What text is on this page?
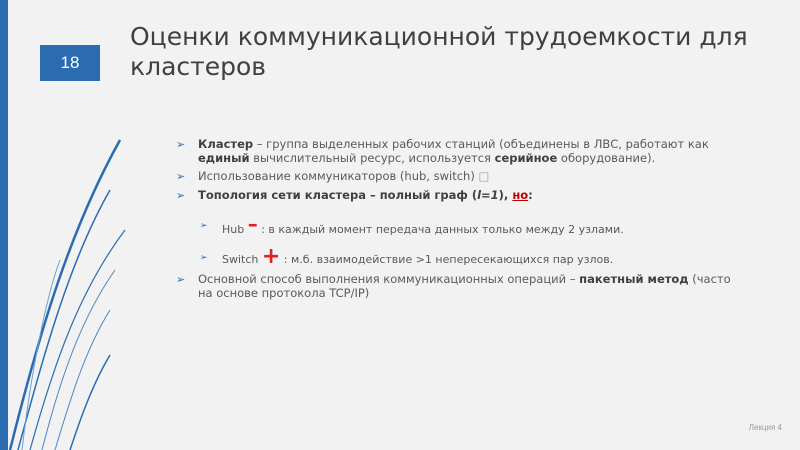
18
Оценки коммуникационной трудоемкости для кластеров
➢ Кластер – группа выделенных рабочих станций (объединены в ЛВС, работают как единый вычислительный ресурс, используется серийное оборудование).
➢ Использование коммуникаторов (hub, switch) □
➢ Топология сети кластера – полный граф (l=1), но:
➢ Hub – : в каждый момент передача данных только между 2 узлами.
➢ Switch + : м.б. взаимодействие >1 непересекающихся пар узлов.
➢ Основной способ выполнения коммуникационных операций – пакетный метод (часто на основе протокола TCP/IP)
Лекция 4
